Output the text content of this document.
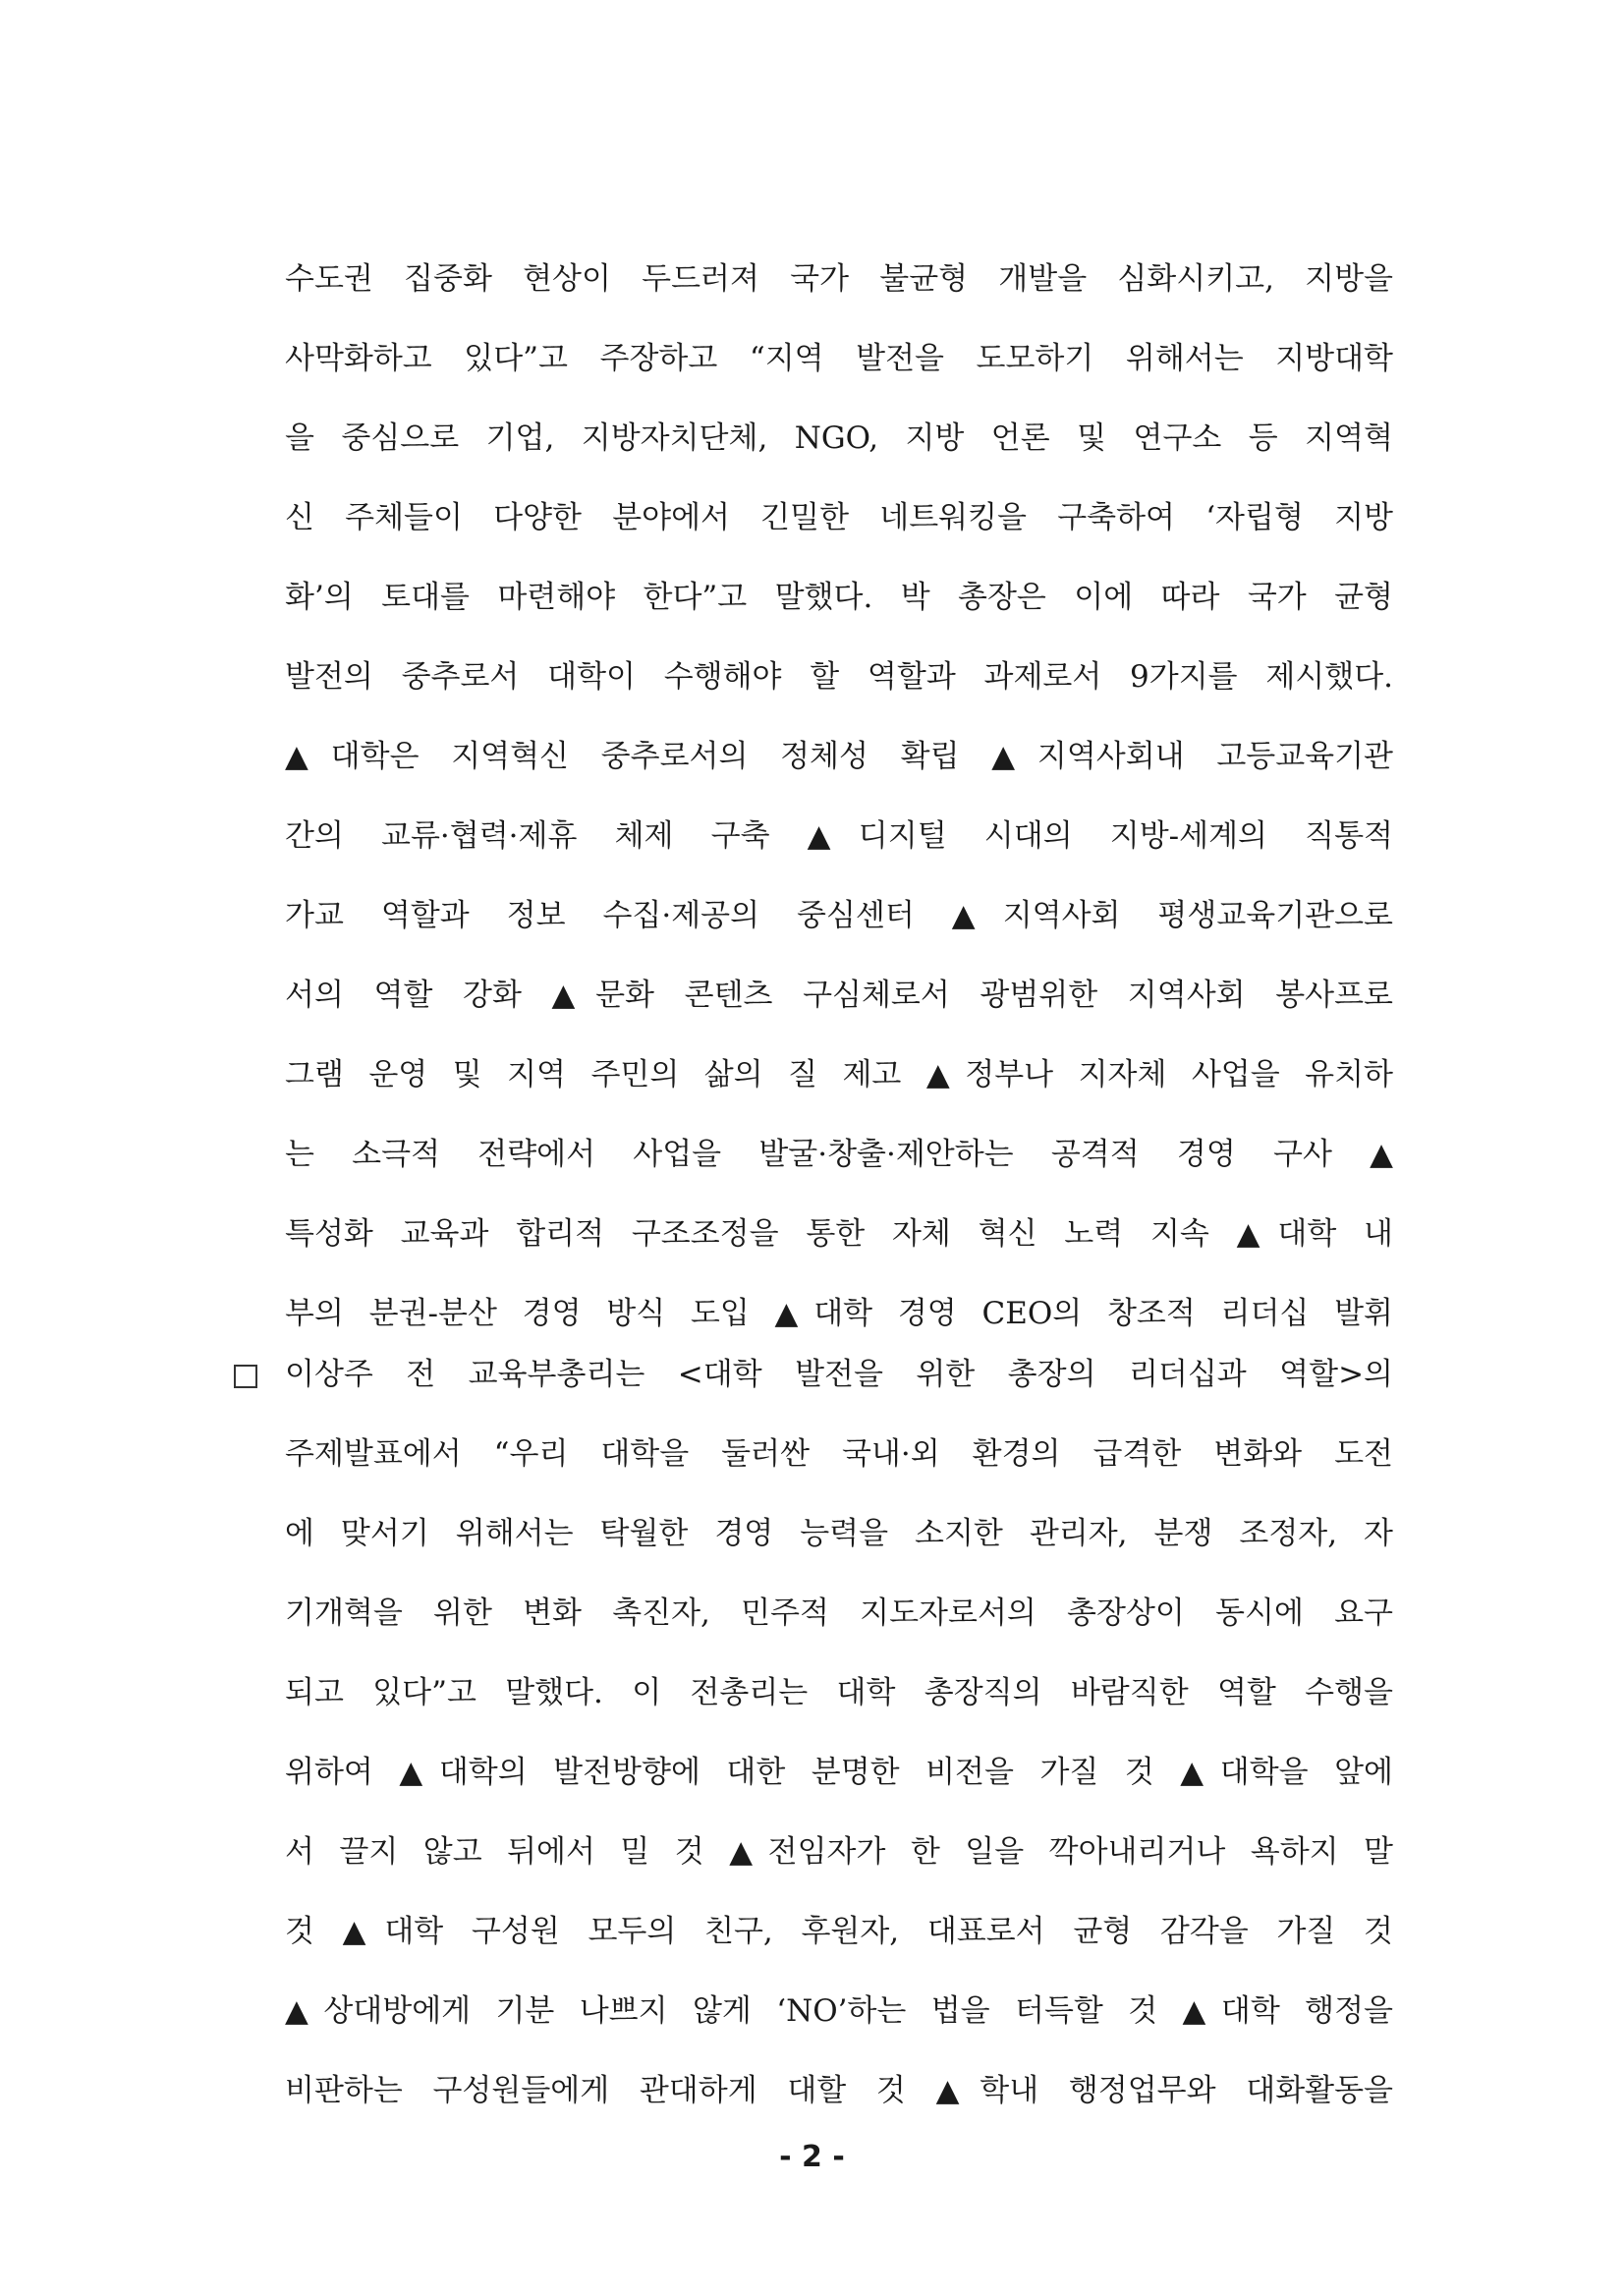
수도권 집중화 현상이 두드러져 국가 불균형 개발을 심화시키고, 지방을
사막화하고 있다”고 주장하고 “지역 발전을 도모하기 위해서는 지방대학
을 중심으로 기업, 지방자치단체, NGO, 지방 언론 및 연구소 등 지역혁
신 주체들이 다양한 분야에서 긴밀한 네트워킹을 구축하여 ‘자립형 지방
화’의 토대를 마련해야 한다”고 말했다. 박 총장은 이에 따라 국가 균형
발전의 중추로서 대학이 수행해야 할 역할과 과제로서 9가지를 제시했다.
▲대학은 지역혁신 중추로서의 정체성 확립 ▲지역사회내 고등교육기관
간의 교류·협력·제휴 체제 구축 ▲디지털 시대의 지방-세계의 직통적
가교 역할과 정보 수집·제공의 중심센터 ▲지역사회 평생교육기관으로
서의 역할 강화 ▲문화 콘텐츠 구심체로서 광범위한 지역사회 봉사프로
그램 운영 및 지역 주민의 삶의 질 제고 ▲정부나 지자체 사업을 유치하
는 소극적 전략에서 사업을 발굴·창출·제안하는 공격적 경영 구사 ▲
특성화 교육과 합리적 구조조정을 통한 자체 혁신 노력 지속 ▲대학 내
부의 분권-분산 경영 방식 도입 ▲대학 경영 CEO의 창조적 리더십 발휘
이상주 전 교육부총리는 <대학 발전을 위한 총장의 리더십과 역할>의
주제발표에서 “우리 대학을 둘러싼 국내·외 환경의 급격한 변화와 도전
에 맞서기 위해서는 탁월한 경영 능력을 소지한 관리자, 분쟁 조정자, 자
기개혁을 위한 변화 촉진자, 민주적 지도자로서의 총장상이 동시에 요구
되고 있다”고 말했다. 이 전총리는 대학 총장직의 바람직한 역할 수행을
위하여 ▲대학의 발전방향에 대한 분명한 비전을 가질 것 ▲대학을 앞에
서 끌지 않고 뒤에서 밀 것 ▲전임자가 한 일을 깍아내리거나 욕하지 말
것 ▲대학 구성원 모두의 친구, 후원자, 대표로서 균형 감각을 가질 것
▲상대방에게 기분 나쁘지 않게 ‘NO’하는 법을 터득할 것 ▲대학 행정을
비판하는 구성원들에게 관대하게 대할 것 ▲학내 행정업무와 대화활동을
- 2 -
